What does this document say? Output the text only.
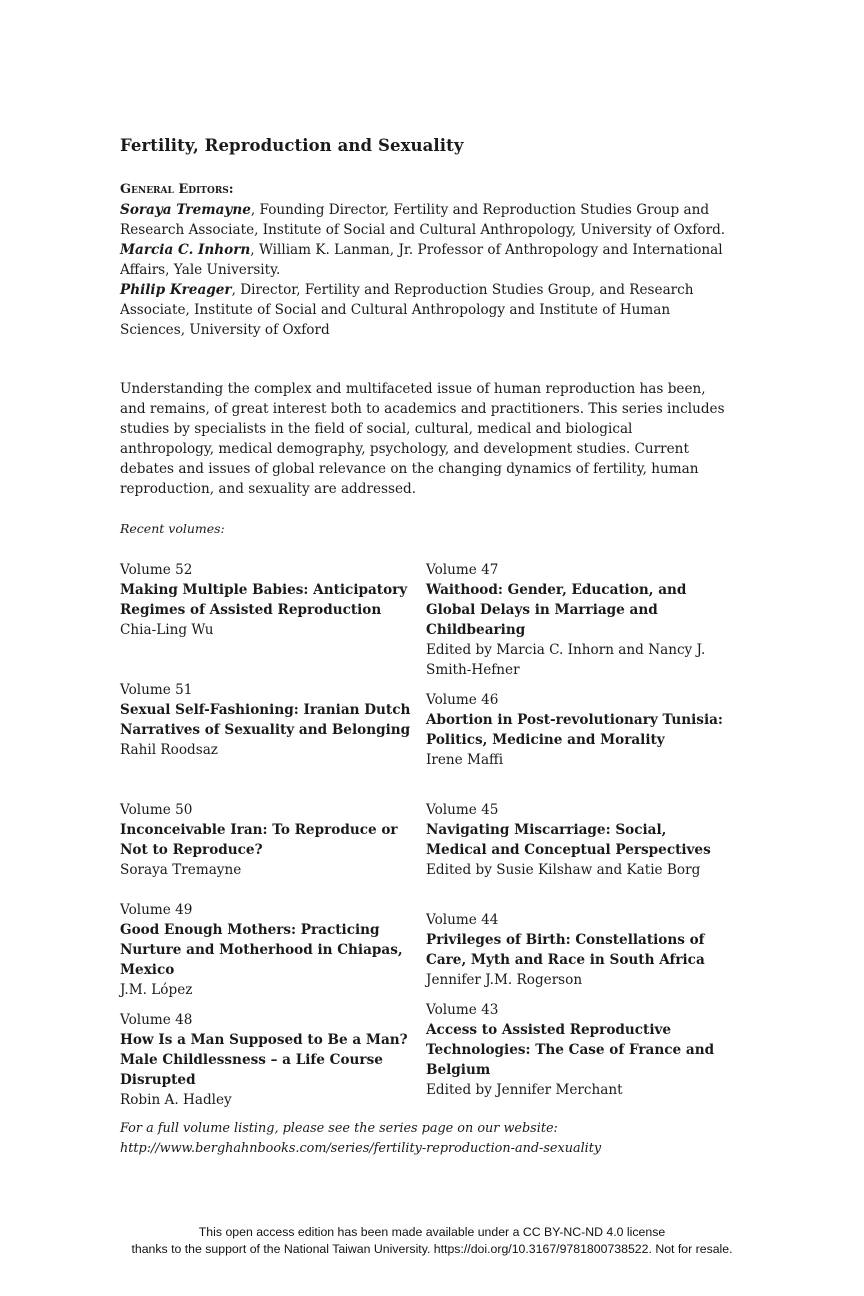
Fertility, Reproduction and Sexuality
General Editors:
Soraya Tremayne, Founding Director, Fertility and Reproduction Studies Group and Research Associate, Institute of Social and Cultural Anthropology, University of Oxford.
Marcia C. Inhorn, William K. Lanman, Jr. Professor of Anthropology and International Affairs, Yale University.
Philip Kreager, Director, Fertility and Reproduction Studies Group, and Research Associate, Institute of Social and Cultural Anthropology and Institute of Human Sciences, University of Oxford
Understanding the complex and multifaceted issue of human reproduction has been, and remains, of great interest both to academics and practitioners. This series includes studies by specialists in the field of social, cultural, medical and biological anthropology, medical demography, psychology, and development studies. Current debates and issues of global relevance on the changing dynamics of fertility, human reproduction, and sexuality are addressed.
Recent volumes:
Volume 52
Making Multiple Babies: Anticipatory Regimes of Assisted Reproduction
Chia-Ling Wu
Volume 51
Sexual Self-Fashioning: Iranian Dutch Narratives of Sexuality and Belonging
Rahil Roodsaz
Volume 50
Inconceivable Iran: To Reproduce or Not to Reproduce?
Soraya Tremayne
Volume 49
Good Enough Mothers: Practicing Nurture and Motherhood in Chiapas, Mexico
J.M. López
Volume 48
How Is a Man Supposed to Be a Man? Male Childlessness – a Life Course Disrupted
Robin A. Hadley
Volume 47
Waithood: Gender, Education, and Global Delays in Marriage and Childbearing
Edited by Marcia C. Inhorn and Nancy J. Smith-Hefner
Volume 46
Abortion in Post-revolutionary Tunisia: Politics, Medicine and Morality
Irene Maffi
Volume 45
Navigating Miscarriage: Social, Medical and Conceptual Perspectives
Edited by Susie Kilshaw and Katie Borg
Volume 44
Privileges of Birth: Constellations of Care, Myth and Race in South Africa
Jennifer J.M. Rogerson
Volume 43
Access to Assisted Reproductive Technologies: The Case of France and Belgium
Edited by Jennifer Merchant
For a full volume listing, please see the series page on our website:
http://www.berghahnbooks.com/series/fertility-reproduction-and-sexuality
This open access edition has been made available under a CC BY-NC-ND 4.0 license
thanks to the support of the National Taiwan University. https://doi.org/10.3167/9781800738522. Not for resale.
